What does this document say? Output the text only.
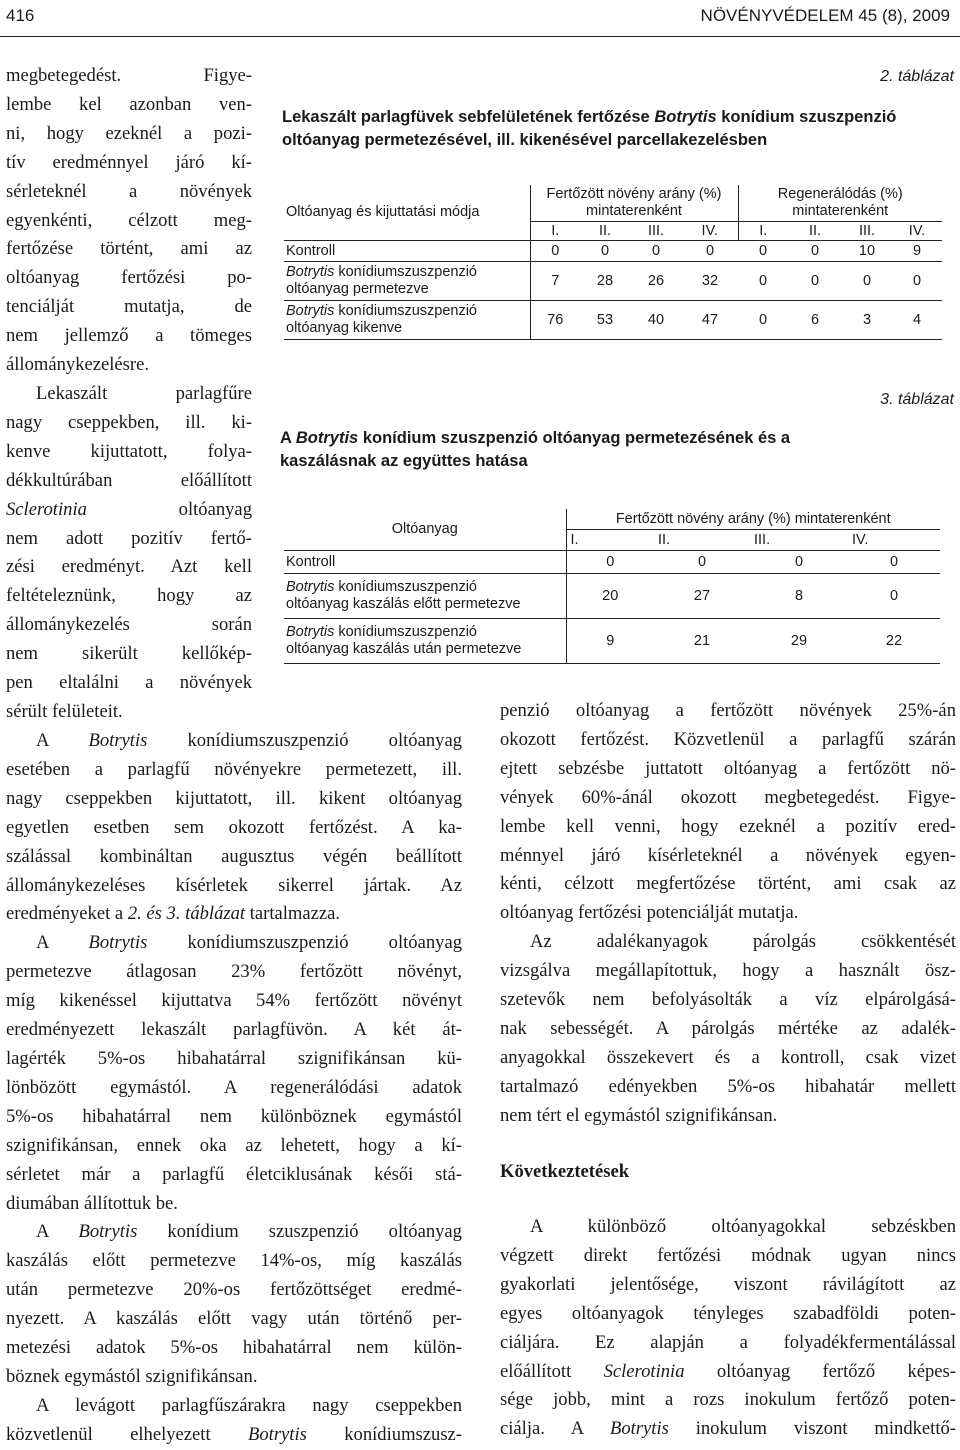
416	NÖVÉNYVÉDELEM 45 (8), 2009

megbetegedést. Figye-

lembe kel azonban ven-

ni, hogy ezeknél a pozi-

tív eredménnyel járó kí-

sérleteknél a növények

egyenkénti, célzott meg-

fertőzése történt, ami az

oltóanyag fertőzési po-

tenciálját mutatja, de

nem jellemző a tömeges

állománykezelésre.

Lekaszált parlagfűre

nagy cseppekben, ill. ki-

kenve kijuttatott, folya-

dékkultúrában előállított

Sclerotinia oltóanyag

nem adott pozitív fertő-

zési eredményt. Azt kell

feltételeznünk, hogy az

állománykezelés során

nem sikerült kellőkép-

pen eltalálni a növények

sérült felületeit.

A Botrytis konídiumszuszpenzió oltóanyag

esetében a parlagfű növényekre permetezett, ill.

nagy cseppekben kijuttatott, ill. kikent oltóanyag

egyetlen esetben sem okozott fertőzést. A ka-

szálással kombináltan augusztus végén beállított

állománykezeléses kísérletek sikerrel jártak. Az

eredményeket a 2. és 3. táblázat tartalmazza.

A Botrytis konídiumszuszpenzió oltóanyag

permetezve átlagosan 23% fertőzött növényt,

míg kikenéssel kijuttatva 54% fertőzött növényt

eredményezett lekaszált parlagfüvön. A két át-

lagérték 5%-os hibahatárral szignifikánsan kü-

lönbözött egymástól. A regenerálódási adatok

5%-os hibahatárral nem különböznek egymástól

szignifikánsan, ennek oka az lehetett, hogy a kí-

sérletet már a parlagfű életciklusának késői stá-

diumában állítottuk be.

A Botrytis konídium szuszpenzió oltóanyag

kaszálás előtt permetezve 14%-os, míg kaszálás

után permetezve 20%-os fertőzöttséget eredmé-

nyezett. A kaszálás előtt vagy után történő per-

metezési adatok 5%-os hibahatárral nem külön-

böznek egymástól szignifikánsan.

A levágott parlagfűszárakra nagy cseppekben

közvetlenül elhelyezett Botrytis konídiumszusz-

2. táblázat
Lekaszált parlagfüvek sebfelületének fertőzése Botrytis konídium szuszpenzió oltóanyag permetezésével, ill. kikenésével parcellakezelésben
Oltóanyag és kijuttatási módja	Fertőzött növény arány (%) mintaterenként				Regenerálódás (%) mintaterenként			
	I.	II.	III.	IV.	I.	II.	III.	IV.

Kontroll	0	0	0	0	0	0	10	9

Botrytis konídiumszuszpenzió
oltóanyag permetezve	7	28	26	32	0	0	0	0

Botrytis konídiumszuszpenzió
oltóanyag kikenve	76	53	40	47	0	6	3	4
3. táblázat
A Botrytis konídium szuszpenzió oltóanyag permetezésének és a kaszálásnak az együttes hatása
Oltóanyag	Fertőzött növény arány (%) mintaterenként			
	I.	II.	III.	IV.

Kontroll	0	0	0	0

Botrytis konídiumszuszpenzió
oltóanyag kaszálás előtt permetezve	20	27	8	0

Botrytis konídiumszuszpenzió
oltóanyag kaszálás után permetezve	9	21	29	22

penzió oltóanyag a fertőzött növények 25%-án

okozott fertőzést. Közvetlenül a parlagfű szárán

ejtett sebzésbe juttatott oltóanyag a fertőzött nö-

vények 60%-ánál okozott megbetegedést. Figye-

lembe kell venni, hogy ezeknél a pozitív ered-

ménnyel járó kísérleteknél a növények egyen-

kénti, célzott megfertőzése történt, ami csak az

oltóanyag fertőzési potenciálját mutatja.

Az adalékanyagok párolgás csökkentését

vizsgálva megállapítottuk, hogy a használt ösz-

szetevők nem befolyásolták a víz elpárolgásá-

nak sebességét. A párolgás mértéke az adalék-

anyagokkal összekevert és a kontroll, csak vizet

tartalmazó edényekben 5%-os hibahatár mellett

nem tért el egymástól szignifikánsan.

Következtetések

A különböző oltóanyagokkal sebzéskben

végzett direkt fertőzési módnak ugyan nincs

gyakorlati jelentősége, viszont rávilágított az

egyes oltóanyagok tényleges szabadföldi poten-

ciáljára. Ez alapján a folyadékfermentálással

előállított Sclerotinia oltóanyag fertőző képes-

sége jobb, mint a rozs inokulum fertőző poten-

ciálja. A Botrytis inokulum viszont mindkettő-
